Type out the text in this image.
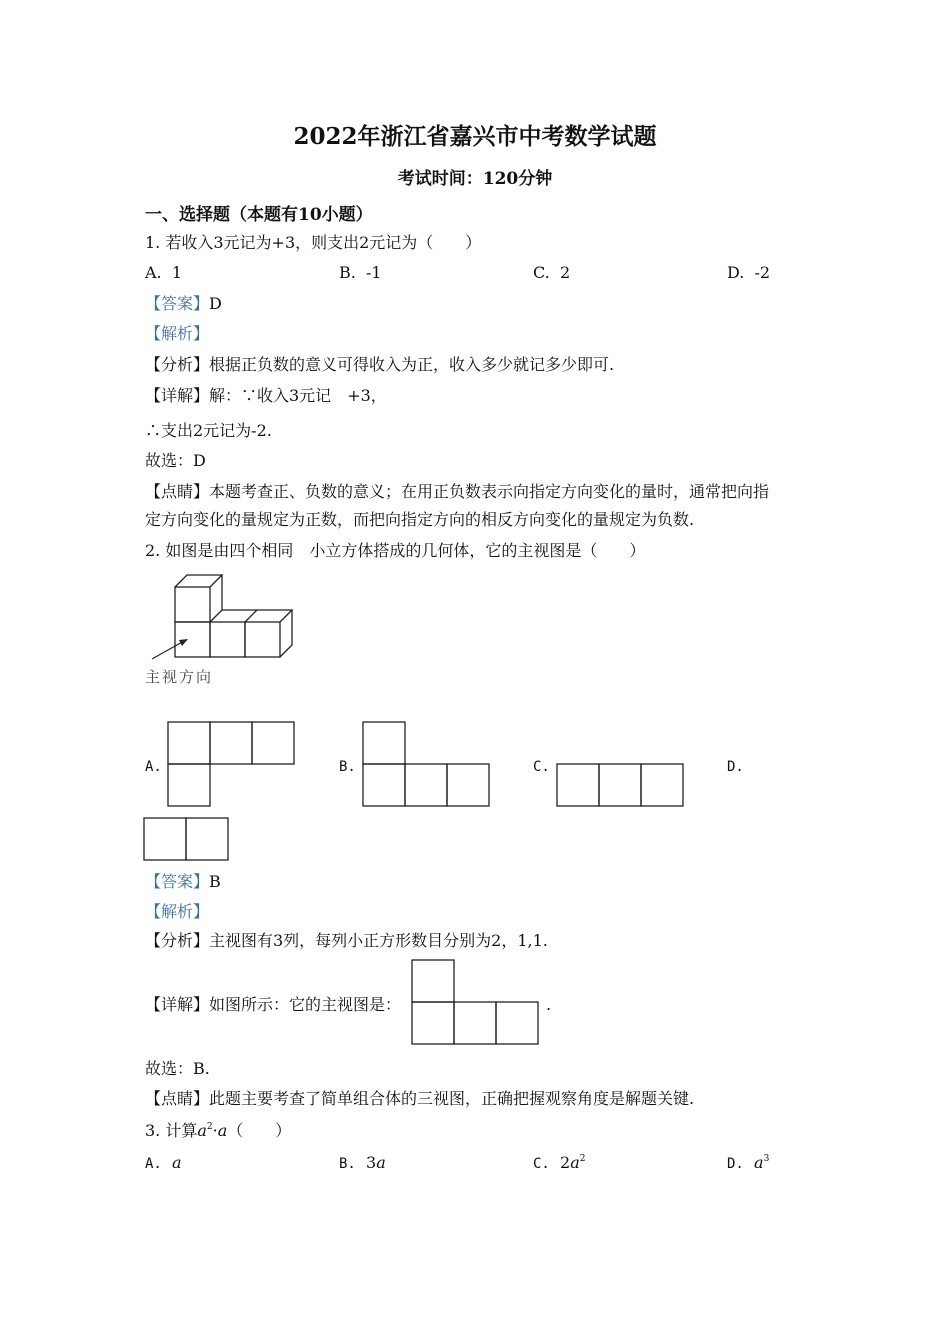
2022年浙江省嘉兴市中考数学试题
考试时间：120分钟
一、选择题（本题有10小题）
1. 若收入3元记为+3，则支出2元记为（　　）
A. 1	B. -1	C. 2	D. -2
【答案】D
【解析】
【分析】根据正负数的意义可得收入为正，收入多少就记多少即可.
【详解】解：∵收入3元记　+3，
∴支出2元记为-2.
故选：D
【点睛】本题考查正、负数的意义；在用正负数表示向指定方向变化的量时，通常把向指
定方向变化的量规定为正数，而把向指定方向的相反方向变化的量规定为负数.
2. 如图是由四个相同　小立方体搭成的几何体，它的主视图是（　　）
主视方向
A.	B.	C.	D.
【答案】B
【解析】
【分析】主视图有3列，每列小正方形数目分别为2，1,1.
【详解】如图所示：它的主视图是：	.
故选：B.
【点睛】此题主要考查了简单组合体的三视图，正确把握观察角度是解题关键.
3. 计算$a^2\cdot a$（　　）
A. a	B. 3a	C. $2a^2$	D. $a^3$
